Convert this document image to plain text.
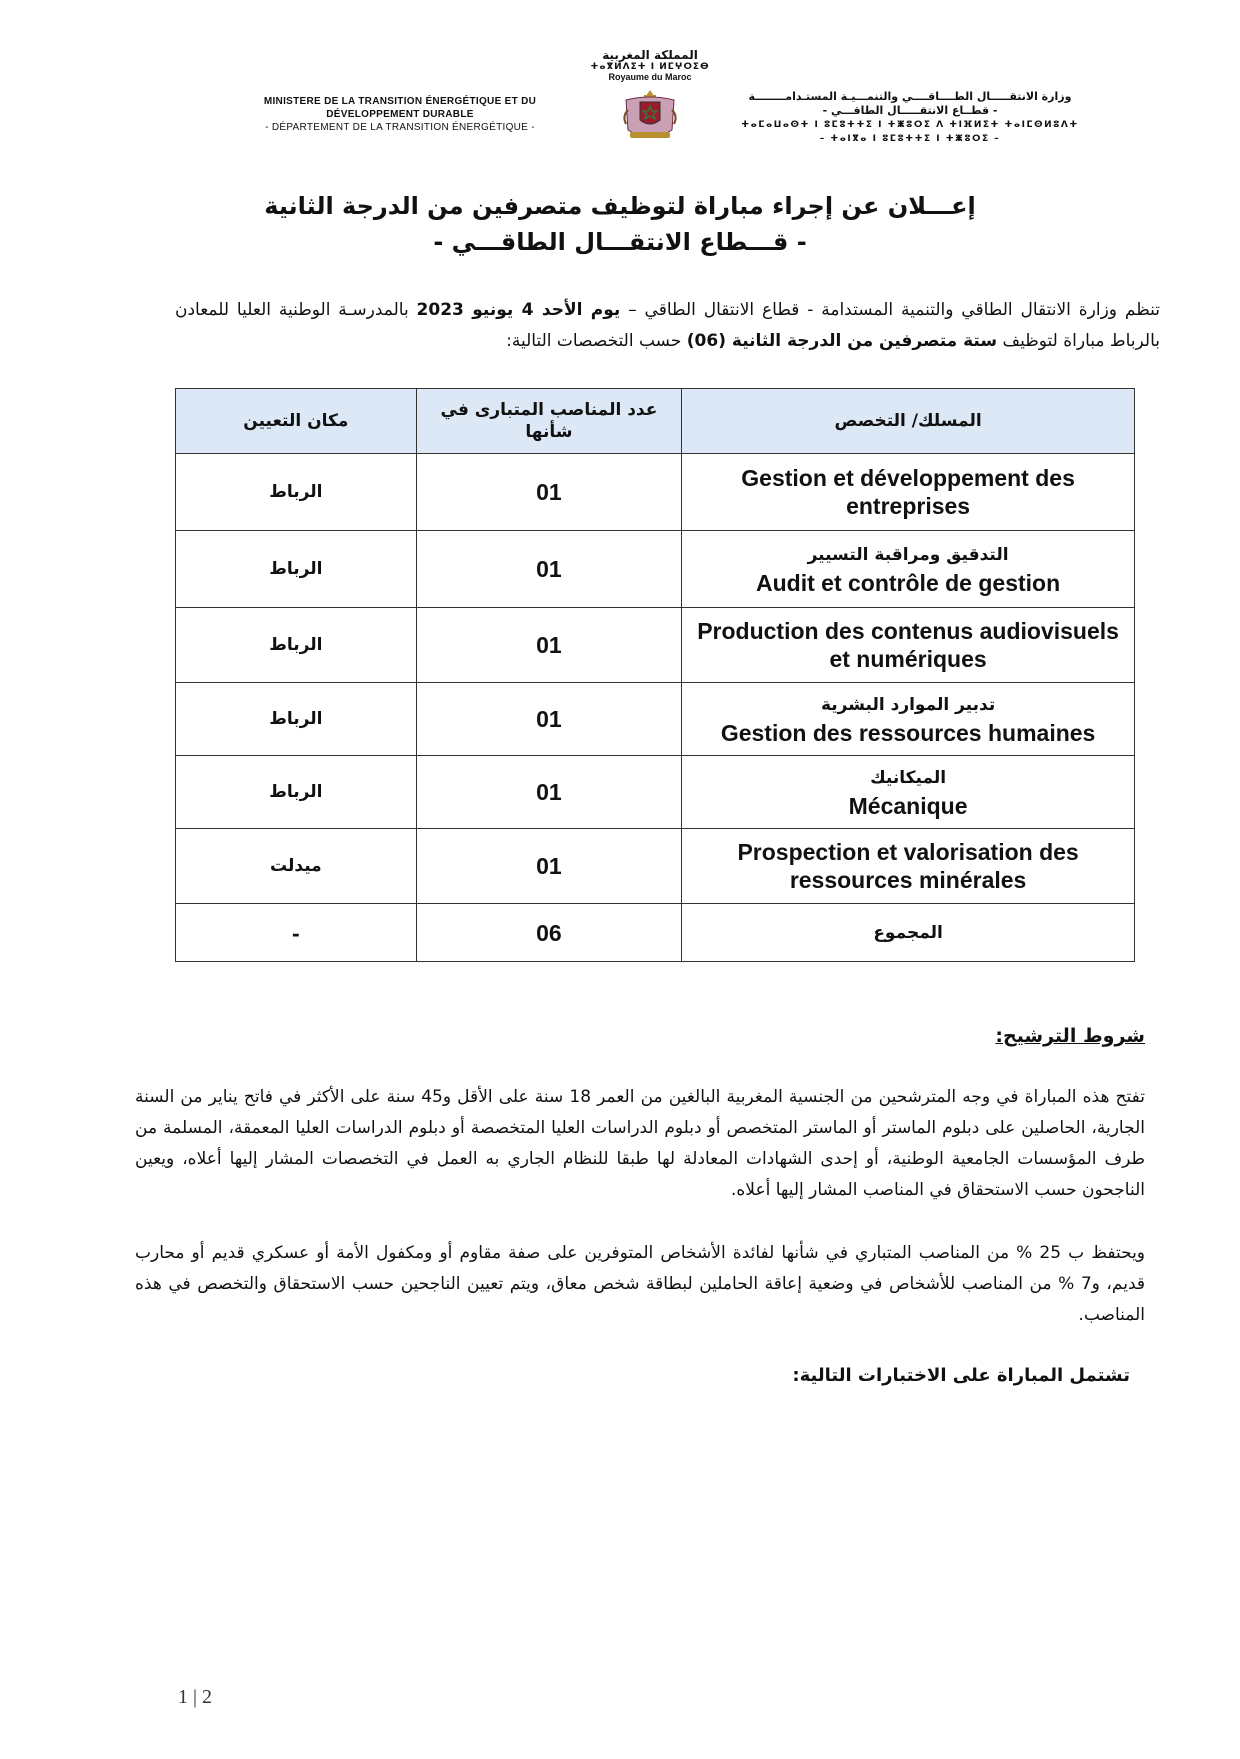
MINISTERE DE LA TRANSITION ÉNERGÉTIQUE ET DU
DÉVELOPPEMENT DURABLE
- DÉPARTEMENT DE LA TRANSITION ÉNERGÉTIQUE -
المملكة المغربية
ⵜⴰⴳⵍⴷⵉⵜ ⵏ ⵍⵎⵖⵔⵉⴱ
Royaume du Maroc
وزارة الانتقـــــال الطــــاقــــي والتنمـــيـة المستـدامــــــــة
- قطــاع الانتقـــــال الطاقـــي -
ⵜⴰⵎⴰⵡⴰⵙⵜ ⵏ ⵓⵎⵓⵜⵜⵉ ⵏ ⵜⵥⵓⵔⵉ ⴷ ⵜⵏⴼⵍⵉⵜ ⵜⴰⵏⵎⵙⵍⵓⴷⵜ
– ⵜⴰⵏⴳⴰ ⵏ ⵓⵎⵓⵜⵜⵉ ⵏ ⵜⵥⵓⵔⵉ –
إعـــلان عن إجراء مباراة لتوظيف متصرفين من الدرجة الثانية
- قـــطاع الانتقـــال الطاقـــي -
تنظم وزارة الانتقال الطاقي والتنمية المستدامة - قطاع الانتقال الطاقي – يوم الأحد 4 يونيو 2023 بالمدرسـة الوطنية العليا للمعادن بالرباط مباراة لتوظيف ستة متصرفين من الدرجة الثانية (06) حسب التخصصات التالية:
المسلك/ التخصص	عدد المناصب المتبارى في شأنها	مكان التعيين

Gestion et développement des entreprises	01	الرباط

التدقيق ومراقبة التسيير
Audit et contrôle de gestion	01	الرباط

Production des contenus audiovisuels et numériques	01	الرباط

تدبير الموارد البشرية
Gestion des ressources humaines	01	الرباط

الميكانيك
Mécanique	01	الرباط

Prospection et valorisation des ressources minérales	01	ميدلت
المجموع	06	-
شروط الترشيح:
تفتح هذه المباراة في وجه المترشحين من الجنسية المغربية البالغين من العمر 18 سنة على الأقل و45 سنة على الأكثر في فاتح يناير من السنة الجارية، الحاصلين على دبلوم الماستر أو الماستر المتخصص أو دبلوم الدراسات العليا المتخصصة أو دبلوم الدراسات العليا المعمقة، المسلمة من طرف المؤسسات الجامعية الوطنية، أو إحدى الشهادات المعادلة لها طبقا للنظام الجاري به العمل في التخصصات المشار إليها أعلاه، ويعين الناجحون حسب الاستحقاق في المناصب المشار إليها أعلاه.
ويحتفظ ب 25 % من المناصب المتباري في شأنها لفائدة الأشخاص المتوفرين على صفة مقاوم أو ومكفول الأمة أو عسكري قديم أو محارب قديم، و7 % من المناصب للأشخاص في وضعية إعاقة الحاملين لبطاقة شخص معاق، ويتم تعيين الناجحين حسب الاستحقاق والتخصص في هذه المناصب.
تشتمل المباراة على الاختبارات التالية:
1 | 2
